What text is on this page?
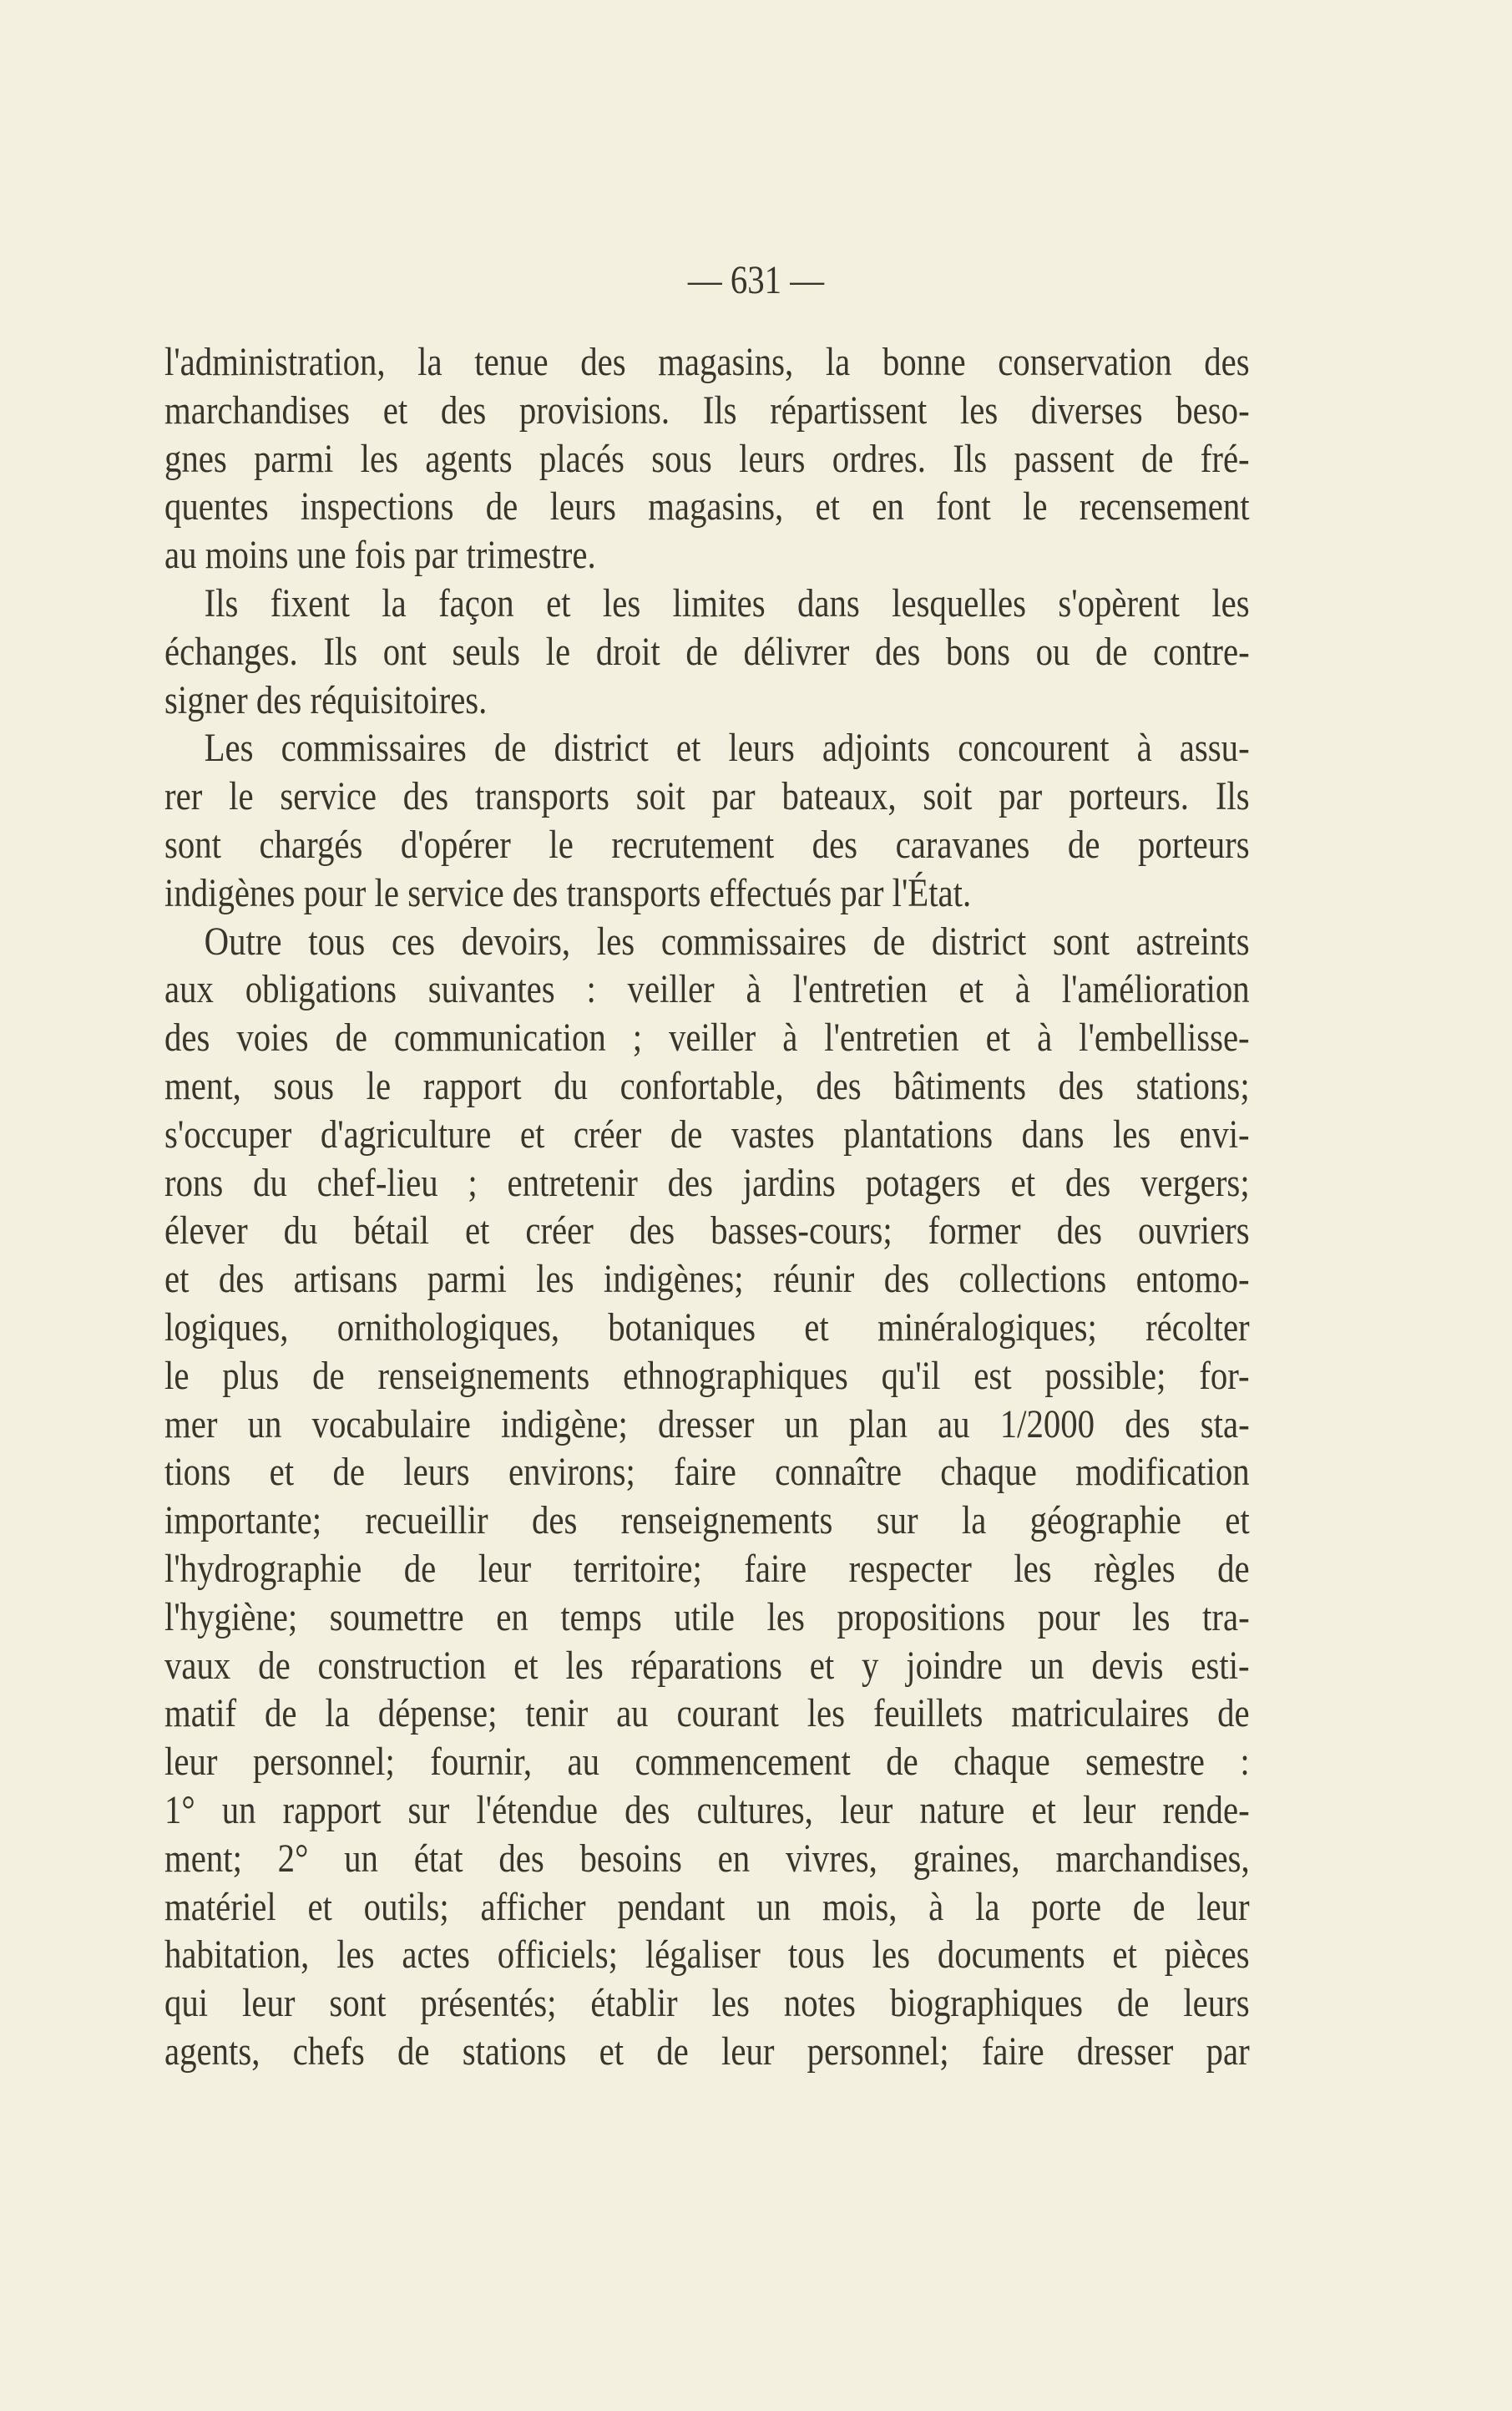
— 631 —
l'administration, la tenue des magasins, la bonne conservation des
marchandises et des provisions. Ils répartissent les diverses beso-
gnes parmi les agents placés sous leurs ordres. Ils passent de fré-
quentes inspections de leurs magasins, et en font le recensement
au moins une fois par trimestre.
Ils fixent la façon et les limites dans lesquelles s'opèrent les
échanges. Ils ont seuls le droit de délivrer des bons ou de contre-
signer des réquisitoires.
Les commissaires de district et leurs adjoints concourent à assu-
rer le service des transports soit par bateaux, soit par porteurs. Ils
sont chargés d'opérer le recrutement des caravanes de porteurs
indigènes pour le service des transports effectués par l'État.
Outre tous ces devoirs, les commissaires de district sont astreints
aux obligations suivantes : veiller à l'entretien et à l'amélioration
des voies de communication ; veiller à l'entretien et à l'embellisse-
ment, sous le rapport du confortable, des bâtiments des stations;
s'occuper d'agriculture et créer de vastes plantations dans les envi-
rons du chef-lieu ; entretenir des jardins potagers et des vergers;
élever du bétail et créer des basses-cours; former des ouvriers
et des artisans parmi les indigènes; réunir des collections entomo-
logiques, ornithologiques, botaniques et minéralogiques; récolter
le plus de renseignements ethnographiques qu'il est possible; for-
mer un vocabulaire indigène; dresser un plan au 1/2000 des sta-
tions et de leurs environs; faire connaître chaque modification
importante; recueillir des renseignements sur la géographie et
l'hydrographie de leur territoire; faire respecter les règles de
l'hygiène; soumettre en temps utile les propositions pour les tra-
vaux de construction et les réparations et y joindre un devis esti-
matif de la dépense; tenir au courant les feuillets matriculaires de
leur personnel; fournir, au commencement de chaque semestre :
1° un rapport sur l'étendue des cultures, leur nature et leur rende-
ment; 2° un état des besoins en vivres, graines, marchandises,
matériel et outils; afficher pendant un mois, à la porte de leur
habitation, les actes officiels; légaliser tous les documents et pièces
qui leur sont présentés; établir les notes biographiques de leurs
agents, chefs de stations et de leur personnel; faire dresser par
